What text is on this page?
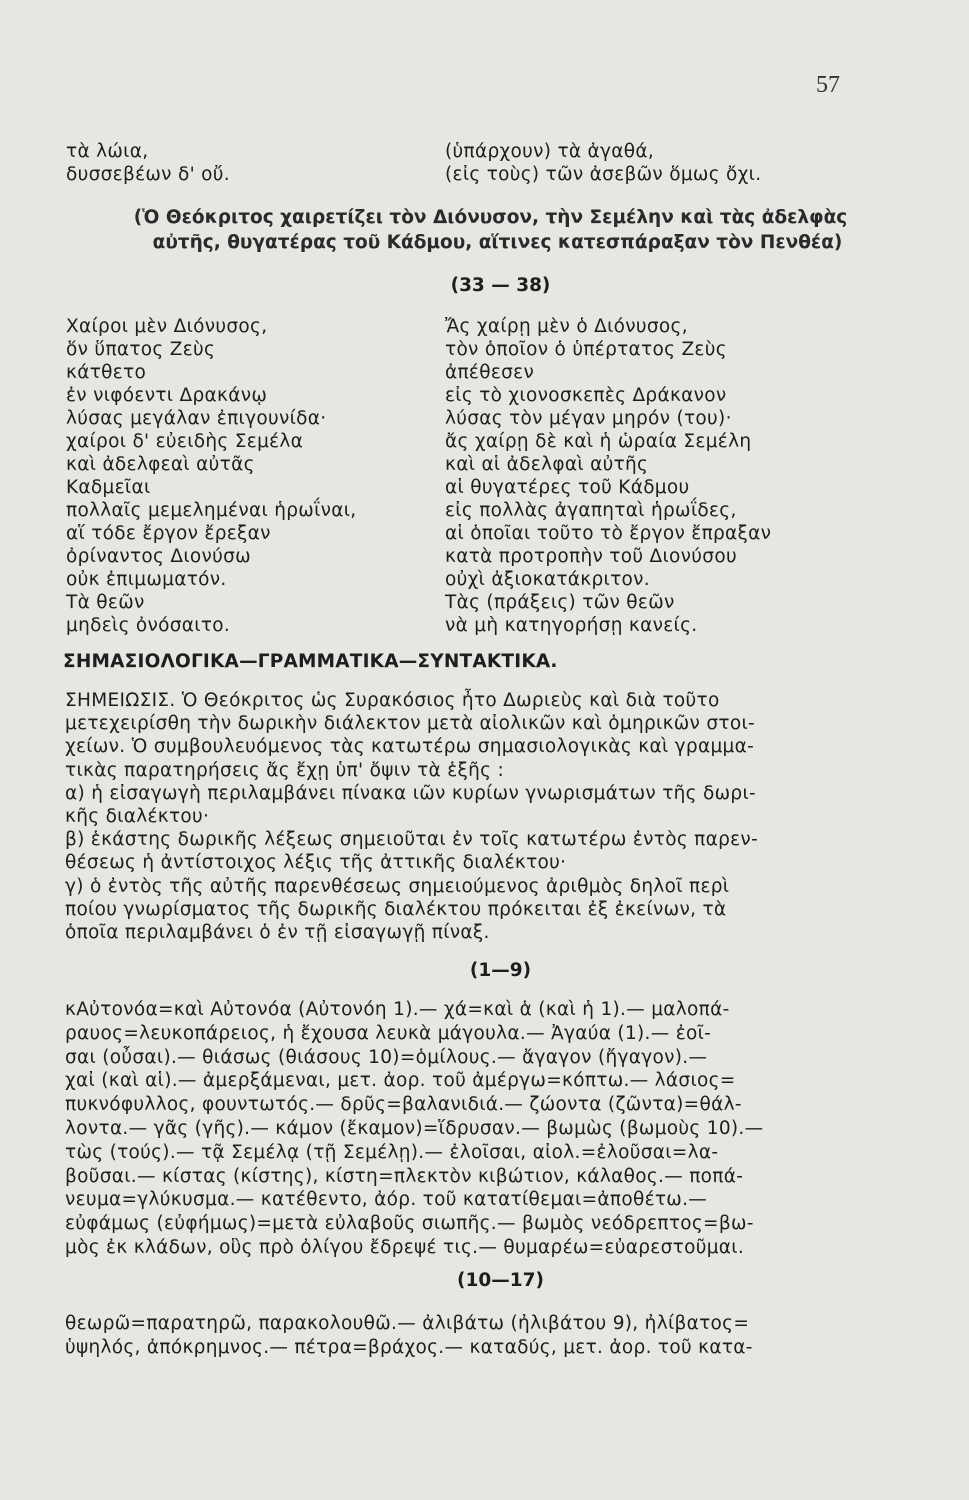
57
τὰ λώια,
δυσσεβέων δ' οὔ.
(ὑπάρχουν) τὰ ἀγαθά,
(εἰς τοὺς) τῶν ἀσεβῶν ὅμως ὄχι.
(Ὁ Θεόκριτος χαιρετίζει τὸν Διόνυσον, τὴν Σεμέλην καὶ τὰς ἀδελφὰς
αὐτῆς, θυγατέρας τοῦ Κάδμου, αἵτινες κατεσπάραξαν τὸν Πενθέα)
(33 — 38)
Χαίροι μὲν Διόνυσος,
ὅν ὕπατος Ζεὺς
κάτθετο
ἐν νιφόεντι Δρακάνῳ
λύσας μεγάλαν ἐπιγουνίδα·
χαίροι δ' εὐειδὴς Σεμέλα
καὶ ἀδελφεαὶ αὐτᾶς
Καδμεῖαι
πολλαῖς μεμελημέναι ἡρωΐναι,
αἵ τόδε ἔργον ἔρεξαν
ὀρίναντος Διονύσω
οὐκ ἐπιμωματόν.
Τὰ θεῶν
μηδεὶς ὀνόσαιτο.
Ἄς χαίρῃ μὲν ὁ Διόνυσος,
τὸν ὁποῖον ὁ ὑπέρτατος Ζεὺς
ἀπέθεσεν
εἰς τὸ χιονοσκεπὲς Δράκανον
λύσας τὸν μέγαν μηρόν (του)·
ἄς χαίρῃ δὲ καὶ ἡ ὡραία Σεμέλη
καὶ αἱ ἀδελφαὶ αὐτῆς
αἱ θυγατέρες τοῦ Κάδμου
εἰς πολλὰς ἀγαπηταὶ ἡρωΐδες,
αἱ ὁποῖαι τοῦτο τὸ ἔργον ἔπραξαν
κατὰ προτροπὴν τοῦ Διονύσου
οὐχὶ ἀξιοκατάκριτον.
Τὰς (πράξεις) τῶν θεῶν
νὰ μὴ κατηγορήσῃ κανείς.
ΣΗΜΑΣΙΟΛΟΓΙΚΑ—ΓΡΑΜΜΑΤΙΚΑ—ΣΥΝΤΑΚΤΙΚΑ.
ΣΗΜΕΙΩΣΙΣ. Ὁ Θεόκριτος ὡς Συρακόσιος ἦτο Δωριεὺς καὶ διὰ τοῦτο
μετεχειρίσθη τὴν δωρικὴν διάλεκτον μετὰ αἰολικῶν καὶ ὁμηρικῶν στοι-
χείων. Ὁ συμβουλευόμενος τὰς κατωτέρω σημασιολογικὰς καὶ γραμμα-
τικὰς παρατηρήσεις ἄς ἔχῃ ὑπ' ὄψιν τὰ ἑξῆς :
α) ἡ εἰσαγωγὴ περιλαμβάνει πίνακα ιῶν κυρίων γνωρισμάτων τῆς δωρι-
κῆς διαλέκτου·
β) ἑκάστης δωρικῆς λέξεως σημειοῦται ἐν τοῖς κατωτέρω ἐντὸς παρεν-
θέσεως ἡ ἀντίστοιχος λέξις τῆς ἀττικῆς διαλέκτου·
γ) ὁ ἐντὸς τῆς αὐτῆς παρενθέσεως σημειούμενος ἀριθμὸς δηλοῖ περὶ
ποίου γνωρίσματος τῆς δωρικῆς διαλέκτου πρόκειται ἐξ ἐκείνων, τὰ
ὁποῖα περιλαμβάνει ὁ ἐν τῇ εἰσαγωγῇ πίναξ.
(1—9)
κΑὐτονόα=καὶ Αὐτονόα (Αὐτονόη 1).— χά=καὶ ἁ (καὶ ἡ 1).— μαλοπά-
ραυος=λευκοπάρειος, ἡ ἔχουσα λευκὰ μάγουλα.— Ἀγαύα (1).— ἐοῖ-
σαι (οὖσαι).— θιάσως (θιάσους 10)=ὁμίλους.— ἄγαγον (ἤγαγον).—
χαἰ (καὶ αἱ).— ἀμερξάμεναι, μετ. ἀορ. τοῦ ἀμέργω=κόπτω.— λάσιος=
πυκνόφυλλος, φουντωτός.— δρῦς=βαλανιδιά.— ζώοντα (ζῶντα)=θάλ-
λοντα.— γᾶς (γῆς).— κάμον (ἔκαμον)=ἵδρυσαν.— βωμὼς (βωμοὺς 10).—
τὼς (τούς).— τᾷ Σεμέλᾳ (τῇ Σεμέλῃ).— ἐλοῖσαι, αἰολ.=ἐλοῦσαι=λα-
βοῦσαι.— κίστας (κίστης), κίστη=πλεκτὸν κιβώτιον, κάλαθος.— ποπά-
νευμα=γλύκυσμα.— κατέθεντο, ἀόρ. τοῦ κατατίθεμαι=ἀποθέτω.—
εὐφάμως (εὐφήμως)=μετὰ εὐλαβοῦς σιωπῆς.— βωμὸς νεόδρεπτος=βω-
μὸς ἐκ κλάδων, οὓς πρὸ ὀλίγου ἔδρεψέ τις.— θυμαρέω=εὐαρεστοῦμαι.
(10—17)
θεωρῶ=παρατηρῶ, παρακολουθῶ.— ἀλιβάτω (ἠλιβάτου 9), ἠλίβατος=
ὑψηλός, ἀπόκρημνος.— πέτρα=βράχος.— καταδύς, μετ. ἀορ. τοῦ κατα-
